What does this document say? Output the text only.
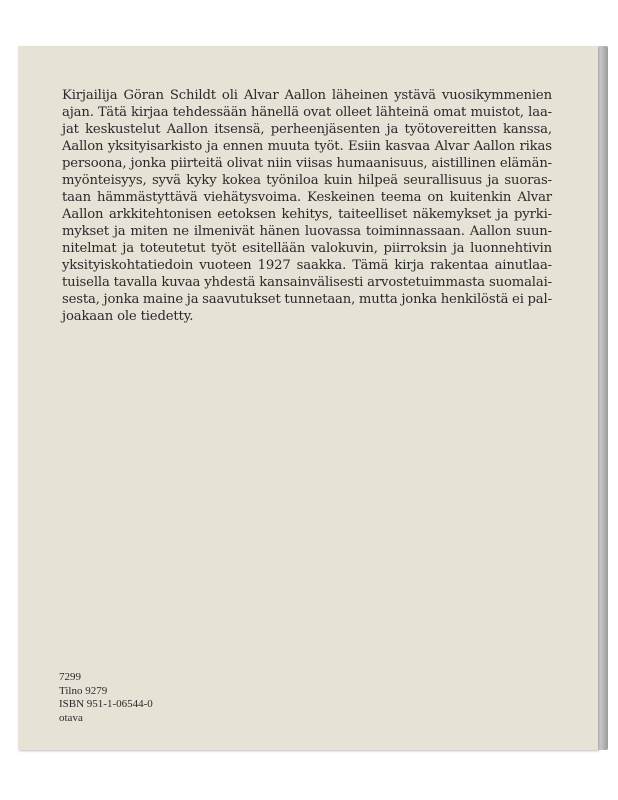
Kirjailija Göran Schildt oli Alvar Aallon läheinen ystävä vuosikymmenien
ajan. Tätä kirjaa tehdessään hänellä ovat olleet lähteinä omat muistot, laa-
jat keskustelut Aallon itsensä, perheenjäsenten ja työtovereitten kanssa,
Aallon yksityisarkisto ja ennen muuta työt. Esiin kasvaa Alvar Aallon rikas
persoona, jonka piirteitä olivat niin viisas humaanisuus, aistillinen elämän-
myönteisyys, syvä kyky kokea työniloa kuin hilpeä seurallisuus ja suoras-
taan hämmästyttävä viehätysvoima. Keskeinen teema on kuitenkin Alvar
Aallon arkkitehtonisen eetoksen kehitys, taiteelliset näkemykset ja pyrki-
mykset ja miten ne ilmenivät hänen luovassa toiminnassaan. Aallon suun-
nitelmat ja toteutetut työt esitellään valokuvin, piirroksin ja luonnehtivin
yksityiskohtatiedoin vuoteen 1927 saakka. Tämä kirja rakentaa ainutlaa-
tuisella tavalla kuvaa yhdestä kansainvälisesti arvostetuimmasta suomalai-
sesta, jonka maine ja saavutukset tunnetaan, mutta jonka henkilöstä ei pal-
joakaan ole tiedetty.
7299
Tilno 9279
ISBN 951-1-06544-0
otava
